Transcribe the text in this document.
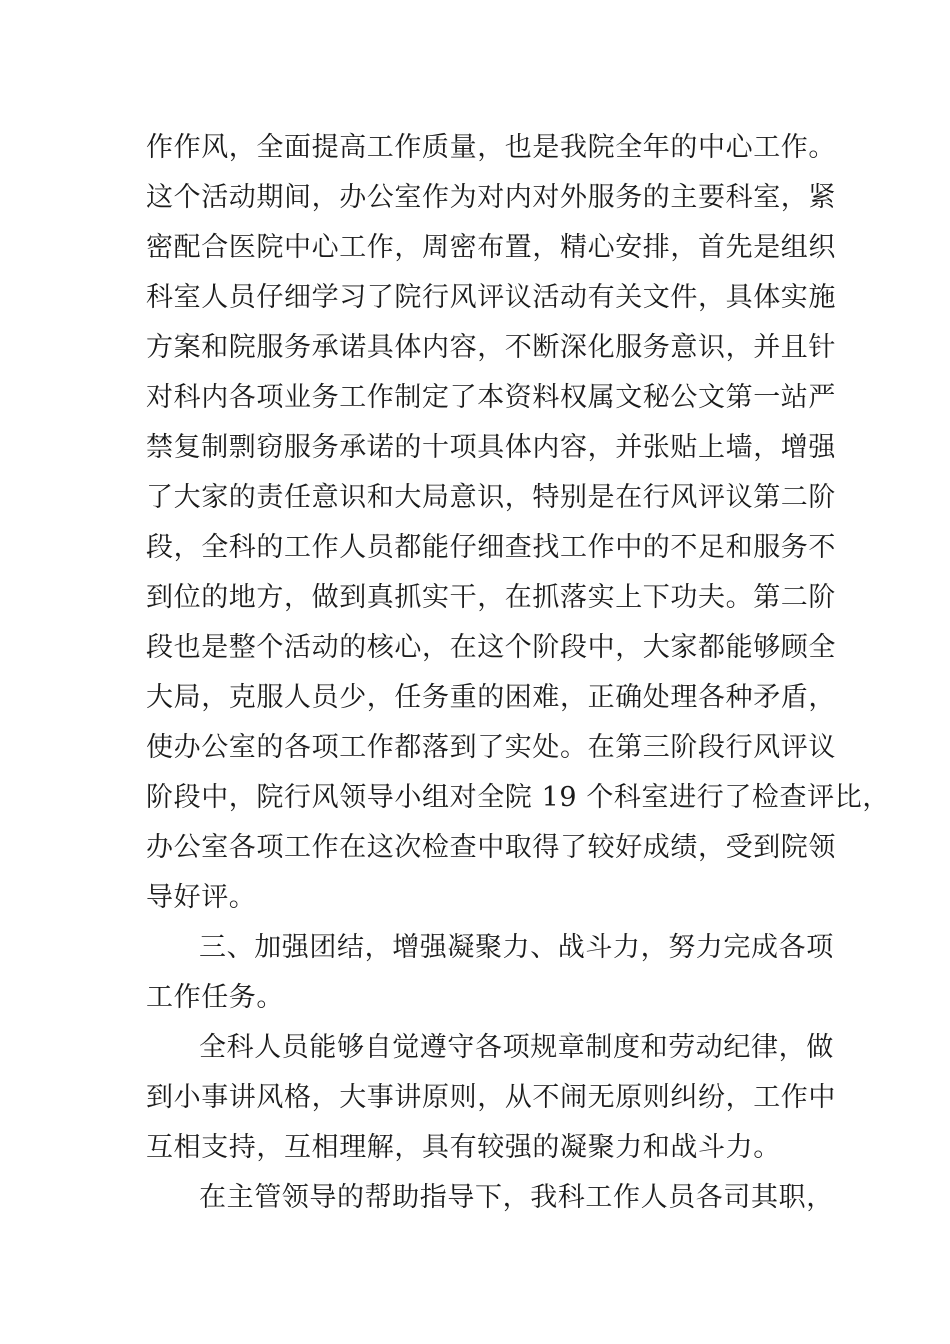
作作风，全面提高工作质量，也是我院全年的中心工作。
这个活动期间，办公室作为对内对外服务的主要科室，紧
密配合医院中心工作，周密布置，精心安排，首先是组织
科室人员仔细学习了院行风评议活动有关文件，具体实施
方案和院服务承诺具体内容，不断深化服务意识，并且针
对科内各项业务工作制定了本资料权属文秘公文第一站严
禁复制剽窃服务承诺的十项具体内容，并张贴上墙，增强
了大家的责任意识和大局意识，特别是在行风评议第二阶
段，全科的工作人员都能仔细查找工作中的不足和服务不
到位的地方，做到真抓实干，在抓落实上下功夫。第二阶
段也是整个活动的核心，在这个阶段中，大家都能够顾全
大局，克服人员少，任务重的困难，正确处理各种矛盾，
使办公室的各项工作都落到了实处。在第三阶段行风评议
阶段中，院行风领导小组对全院 19 个科室进行了检查评比，
办公室各项工作在这次检查中取得了较好成绩，受到院领
导好评。
三、加强团结，增强凝聚力、战斗力，努力完成各项
工作任务。
全科人员能够自觉遵守各项规章制度和劳动纪律，做
到小事讲风格，大事讲原则，从不闹无原则纠纷，工作中
互相支持，互相理解，具有较强的凝聚力和战斗力。
在主管领导的帮助指导下，我科工作人员各司其职，
